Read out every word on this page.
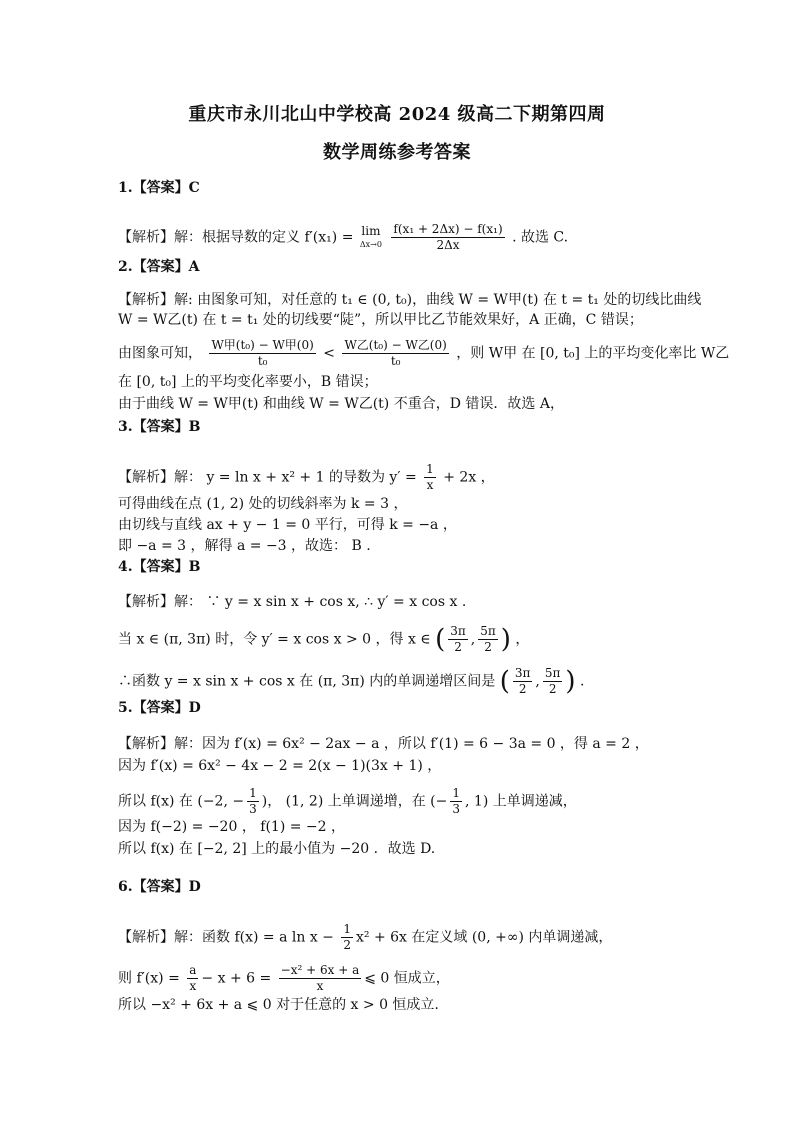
重庆市永川北山中学校高 2024 级高二下期第四周
数学周练参考答案
1.【答案】C
【解析】解：根据导数的定义 f′(x₁) = lim
Δx→0
$\frac{\text{f(x₁ + 2Δx) − f(x₁)}}{2\Delta x}$ . 故选 C.
2.【答案】A
【解析】解: 由图象可知，对任意的 t₁ ∈ (0, t₀)，曲线 W = W甲(t) 在 t = t₁ 处的切线比曲线
W = W乙(t) 在 t = t₁ 处的切线要“陡”，所以甲比乙节能效果好，A 正确，C 错误；
由图象可知， $\frac{\text{W甲(t₀) − W甲(0)}}{\text{t₀}} < \frac{\text{W乙(t₀) − W乙(0)}}{\text{t₀}}$ ，则 W甲 在 [0, t₀] 上的平均变化率比 W乙
在 [0, t₀] 上的平均变化率要小，B 错误；
由于曲线 W = W甲(t) 和曲线 W = W乙(t) 不重合，D 错误．故选 A，
3.【答案】B
【解析】解： y = ln x + x² + 1 的导数为 $y' = \frac{1}{x} + 2x$ ，
可得曲线在点 (1, 2) 处的切线斜率为 k = 3 ，
由切线与直线 ax + y − 1 = 0 平行，可得 k = −a ，
即 −a = 3 ，解得 a = −3 ，故选： B .
4.【答案】B
【解析】解： ∵ y = x sin x + cos x, ∴ y′ = x cos x .
当 x ∈ (π, 3π) 时，令 y′ = x cos x > 0 ，得 x ∈ ( $\frac{3\pi}{2}$ , $\frac{5\pi}{2}$ ) ，
∴函数 y = x sin x + cos x 在 (π, 3π) 内的单调递增区间是 ( $\frac{3\pi}{2}$ , $\frac{5\pi}{2}$ ) .
5.【答案】D
【解析】解：因为 f′(x) = 6x² − 2ax − a ，所以 f′(1) = 6 − 3a = 0 ，得 a = 2 ，
因为 f′(x) = 6x² − 4x − 2 = 2(x − 1)(3x + 1) ，
所以 f(x) 在 (−2, − $\frac{1}{3}$ )， (1, 2) 上单调递增，在 (− $\frac{1}{3}$ , 1) 上单调递减，
因为 f(−2) = −20 ， f(1) = −2 ，
所以 f(x) 在 [−2, 2] 上的最小值为 −20 ．故选 D.
6.【答案】D
【解析】解：函数 f(x) = a $\ln x - \frac{1}{2} x^2 + 6x$ 在定义域 (0, +∞) 内单调递减，
则 $f'(x) = \frac{a}{x} - x + 6 = \frac{\text{−x² + 6x + a}}{x}$ ⩽ 0 恒成立，
所以 −x² + 6x + a ⩽ 0 对于任意的 x > 0 恒成立.
